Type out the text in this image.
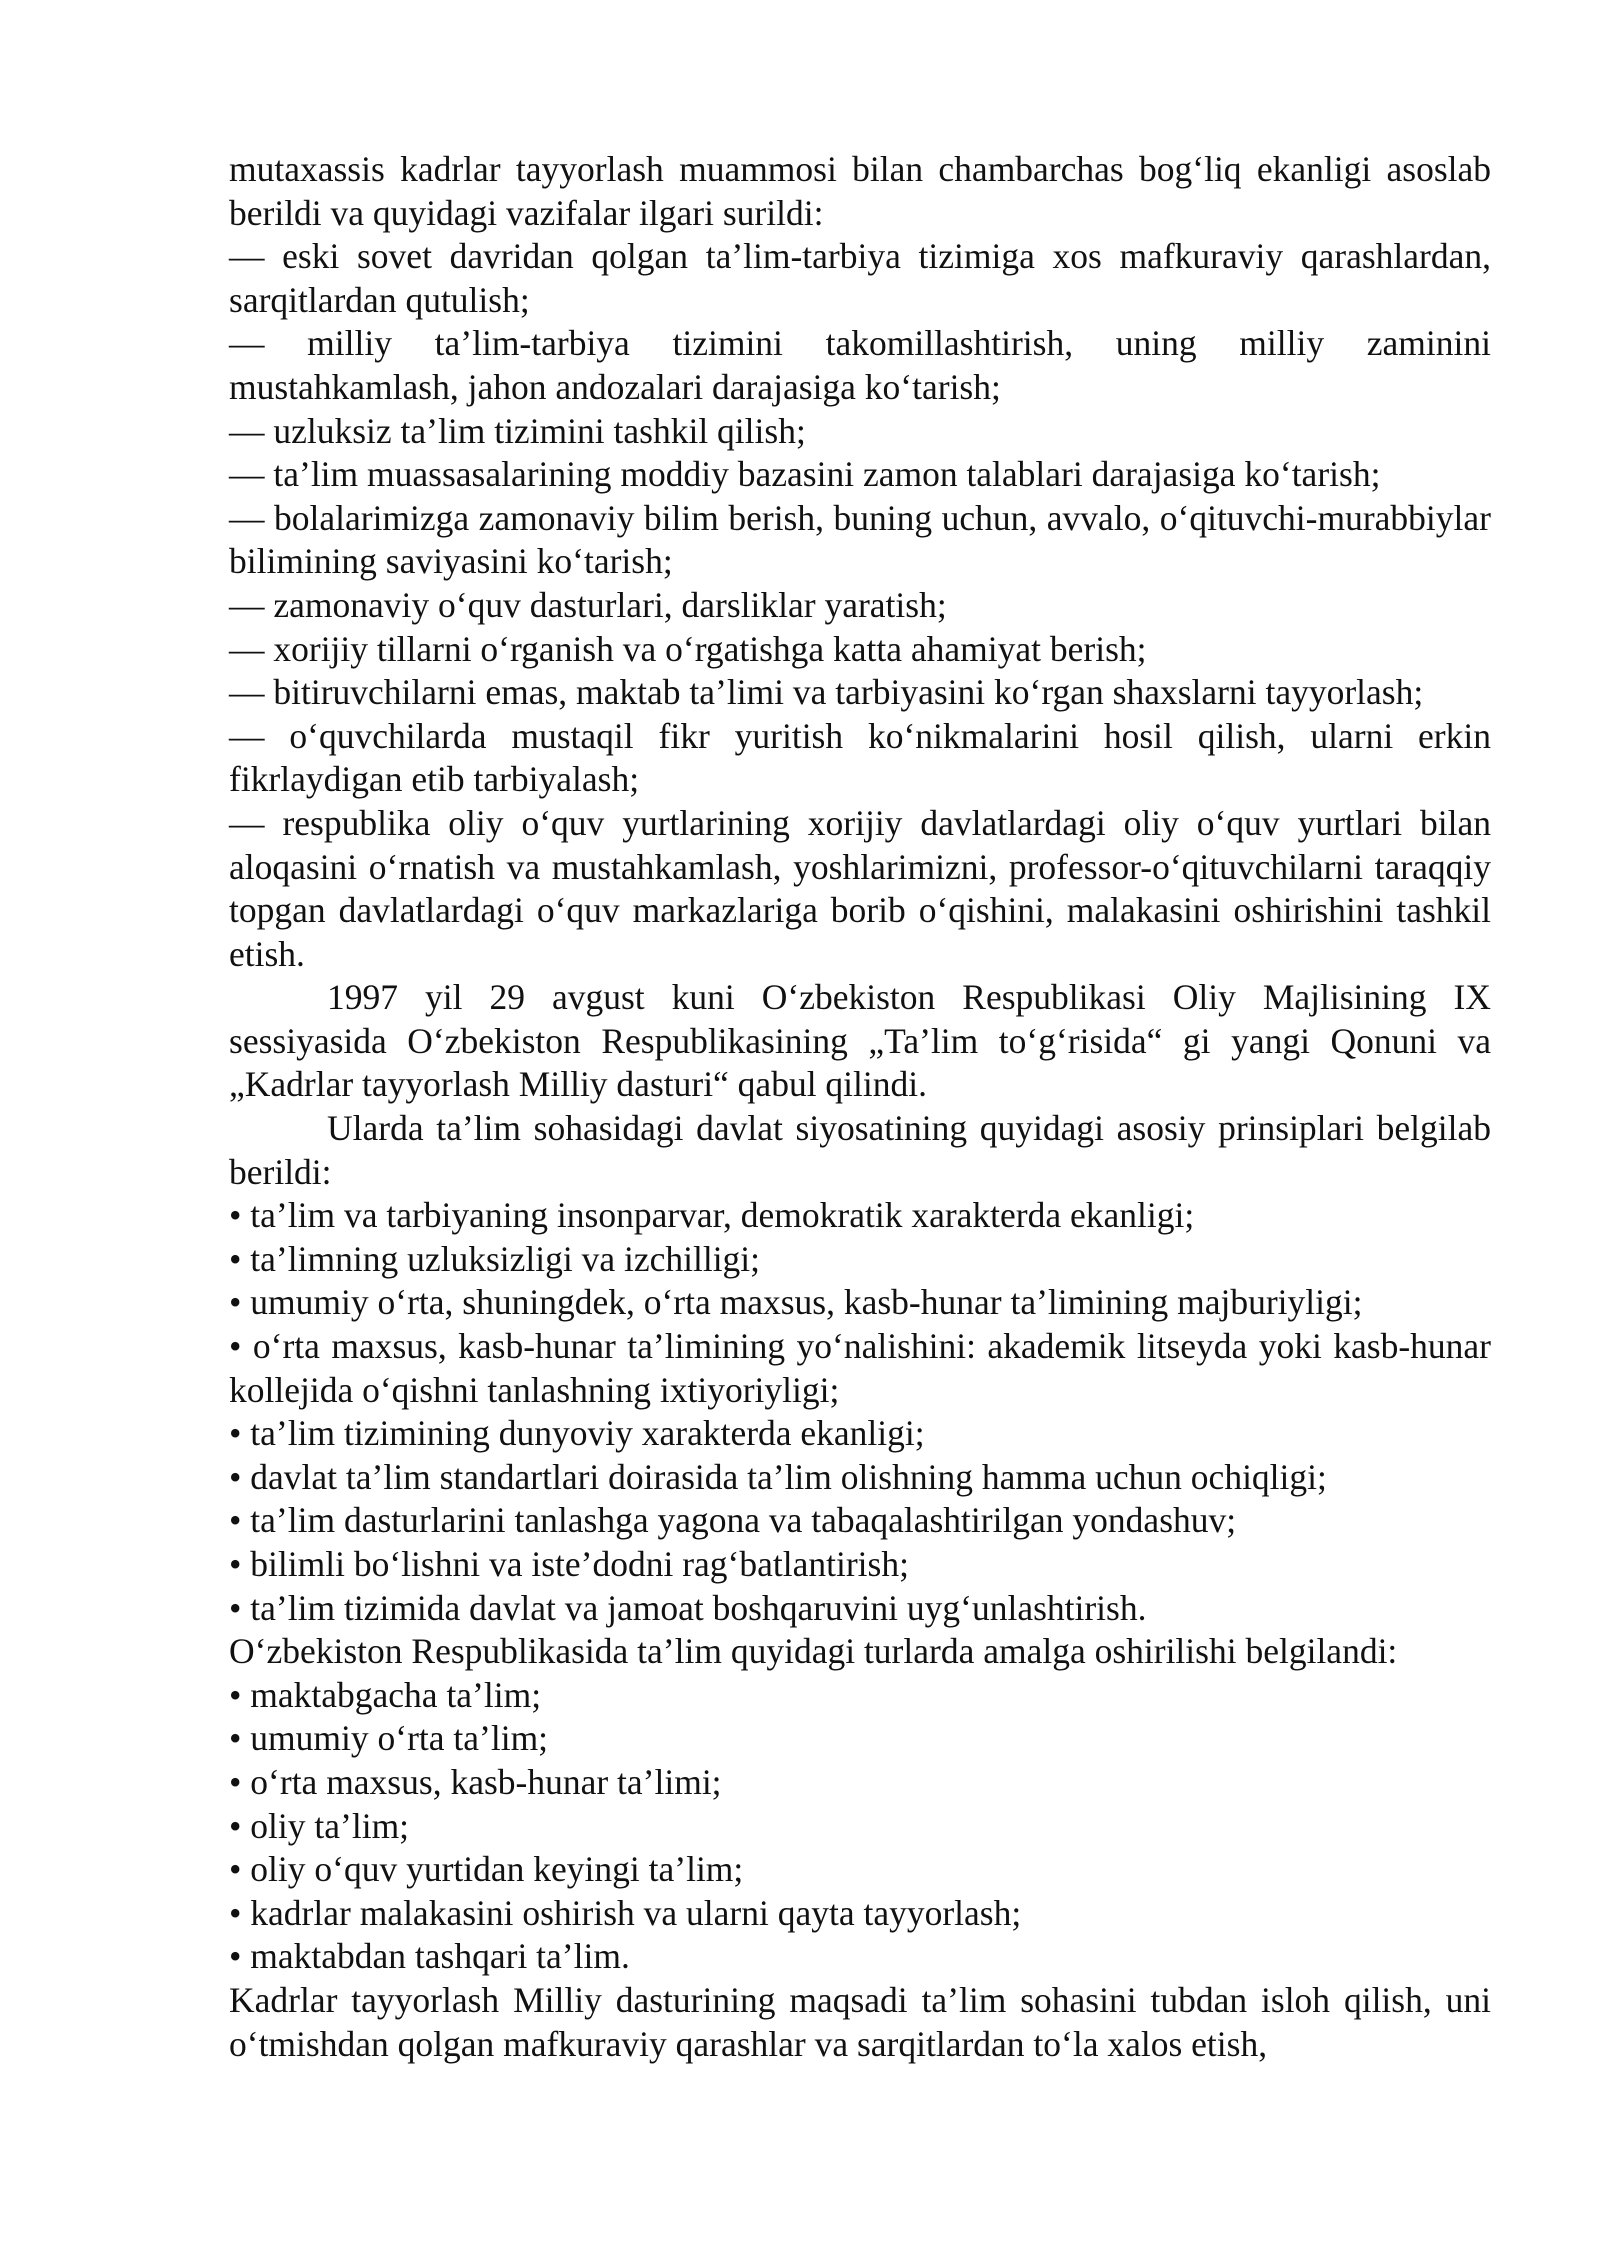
mutaxassis kadrlar tayyorlash muammosi bilan chambarchas bog‘liq ekanligi asoslab berildi va quyidagi vazifalar ilgari surildi:

— eski sovet davridan qolgan ta’lim-tarbiya tizimiga xos mafkuraviy qarashlardan, sarqitlardan qutulish;

— milliy ta’lim-tarbiya tizimini takomillashtirish, uning milliy zaminini mustahkamlash, jahon andozalari darajasiga ko‘tarish;

— uzluksiz ta’lim tizimini tashkil qilish;

— ta’lim muassasalarining moddiy bazasini zamon talablari darajasiga ko‘tarish;

— bolalarimizga zamonaviy bilim berish, buning uchun, avvalo, o‘qituvchi-murabbiylar bilimining saviyasini ko‘tarish;

— zamonaviy o‘quv dasturlari, darsliklar yaratish;

— xorijiy tillarni o‘rganish va o‘rgatishga katta ahamiyat berish;

— bitiruvchilarni emas, maktab ta’limi va tarbiyasini ko‘rgan shaxslarni tayyorlash;

— o‘quvchilarda mustaqil fikr yuritish ko‘nikmalarini hosil qilish, ularni erkin fikrlaydigan etib tarbiyalash;

— respublika oliy o‘quv yurtlarining xorijiy davlatlardagi oliy o‘quv yurtlari bilan aloqasini o‘rnatish va mustahkamlash, yoshlarimizni, professor-o‘qituvchilarni taraqqiy topgan davlatlardagi o‘quv markazlariga borib o‘qishini, malakasini oshirishini tashkil etish.

1997 yil 29 avgust kuni O‘zbekiston Respublikasi Oliy Majlisining IX sessiyasida O‘zbekiston Respublikasining „Ta’lim to‘g‘risida“ gi yangi Qonuni va „Kadrlar tayyorlash Milliy dasturi“ qabul qilindi.

Ularda ta’lim sohasidagi davlat siyosatining quyidagi asosiy prinsiplari belgilab berildi:

• ta’lim va tarbiyaning insonparvar, demokratik xarakterda ekanligi;

• ta’limning uzluksizligi va izchilligi;

• umumiy o‘rta, shuningdek, o‘rta maxsus, kasb-hunar ta’limining majburiyligi;

• o‘rta maxsus, kasb-hunar ta’limining yo‘nalishini: akademik litseyda yoki kasb-hunar kollejida o‘qishni tanlashning ixtiyoriyligi;

• ta’lim tizimining dunyoviy xarakterda ekanligi;

• davlat ta’lim standartlari doirasida ta’lim olishning hamma uchun ochiqligi;

• ta’lim dasturlarini tanlashga yagona va tabaqalashtirilgan yondashuv;

• bilimli bo‘lishni va iste’dodni rag‘batlantirish;

• ta’lim tizimida davlat va jamoat boshqaruvini uyg‘unlashtirish.

O‘zbekiston Respublikasida ta’lim quyidagi turlarda amalga oshirilishi belgilandi:

• maktabgacha ta’lim;

• umumiy o‘rta ta’lim;

• o‘rta maxsus, kasb-hunar ta’limi;

• oliy ta’lim;

• oliy o‘quv yurtidan keyingi ta’lim;

• kadrlar malakasini oshirish va ularni qayta tayyorlash;

• maktabdan tashqari ta’lim.

Kadrlar tayyorlash Milliy dasturining maqsadi ta’lim sohasini tubdan isloh qilish, uni o‘tmishdan qolgan mafkuraviy qarashlar va sarqitlardan to‘la xalos etish,
